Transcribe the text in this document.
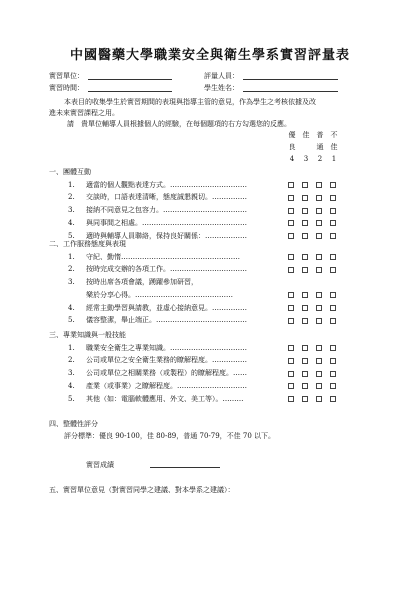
中國醫藥大學職業安全與衛生學系實習評量表
實習單位：	評量人員：
實習時間：	學生姓名：
本表目的收集學生於實習期間的表現與指導主管的意見，作為學生之考核依據及改
進未來實習課程之用。
請　貴單位輔導人員根據個人的經驗，在每個題項的右方勾選您的反應。
優 佳 普 不
良	通 佳
4	3	2	1
一、團體互動
1. 適當的個人觀點表達方式。……………………………
2. 交談時，口語表達清晰，態度誠懇親切。……………
3. 接納不同意見之包容力。………………………………
4. 與同事間之相處。………………………………………
5. 適時與輔導人員聯絡，保持良好關係：………………
二、工作服務態度與表現
1. 守紀、勤惰……………………………………………
2. 按時完成交辦的各項工作。……………………………
3. 按時出席各項會議，踴躍參加研習，
樂於分享心得。……………………………………
4. 經常主動學習與請教，並虛心接納意見。……………
5. 儀容整潔，舉止端正。…………………………………
三、專業知識與一般技能
1. 職業安全衛生之專業知識。……………………………
2. 公司或單位之安全衛生業務的瞭解程度。……………
3. 公司或單位之相關業務（或製程）的瞭解程度。……
4. 產業（或事業）之瞭解程度。…………………………
5. 其他（如：電腦軟體應用、外文、美工等）。………
四、整體性評分
評分標準：優良 90-100，佳 80-89，普通 70-79，不佳 70 以下。
實習成績
五、實習單位意見（對實習同學之建議、對本學系之建議）：
